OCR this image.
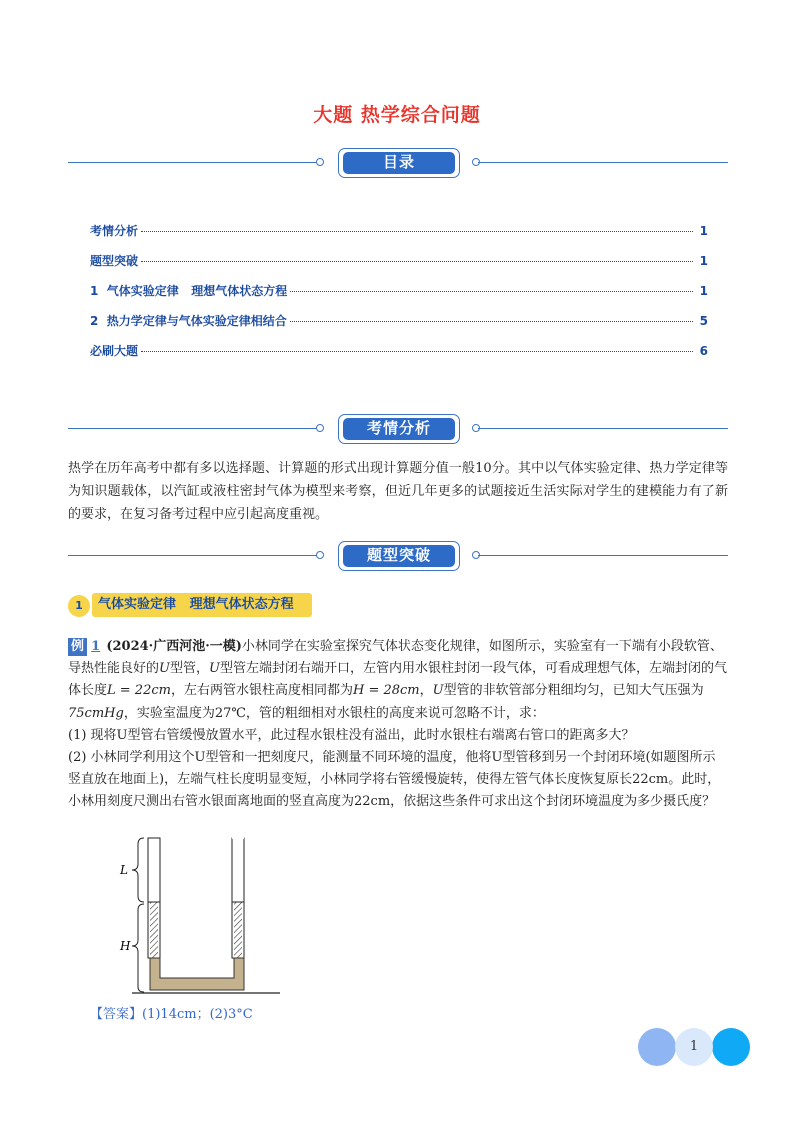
大题 热学综合问题
目录
考情分析	1
题型突破	1
1  气体实验定律   理想气体状态方程	1
2  热力学定律与气体实验定律相结合	5
必刷大题	6
考情分析
热学在历年高考中都有多以选择题、计算题的形式出现计算题分值一般10分。其中以气体实验定律、热力学定律等为知识题载体，以汽缸或液柱密封气体为模型来考察，但近几年更多的试题接近生活实际对学生的建模能力有了新的要求，在复习备考过程中应引起高度重视。
题型突破
1	气体实验定律   理想气体状态方程

例 1 (2024·广西河池·一模)小林同学在实验室探究气体状态变化规律，如图所示，实验室有一下端有小段软管、导热性能良好的U型管，U型管左端封闭右端开口，左管内用水银柱封闭一段气体，可看成理想气体，左端封闭的气体长度L = 22cm，左右两管水银柱高度相同都为H = 28cm，U型管的非软管部分粗细均匀，已知大气压强为75cmHg，实验室温度为27℃，管的粗细相对水银柱的高度来说可忽略不计，求：

(1) 现将U型管右管缓慢放置水平，此过程水银柱没有溢出，此时水银柱右端离右管口的距离多大？

(2) 小林同学利用这个U型管和一把刻度尺，能测量不同环境的温度，他将U型管移到另一个封闭环境(如题图所示竖直放在地面上)，左端气柱长度明显变短，小林同学将右管缓慢旋转，使得左管气体长度恢复原长22cm。此时，小林用刻度尺测出右管水银面离地面的竖直高度为22cm，依据这些条件可求出这个封闭环境温度为多少摄氏度？

L
H
【答案】(1)14cm；(2)3°C
1
